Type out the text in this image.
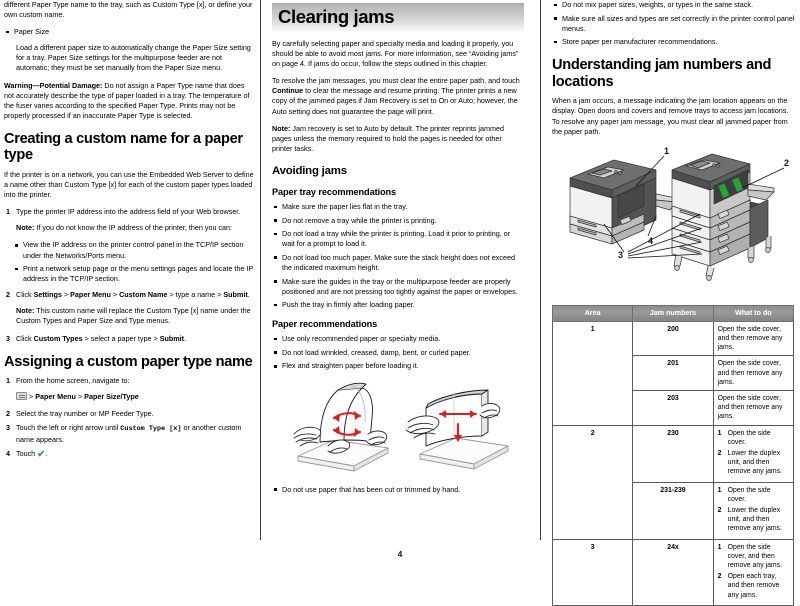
different Paper Type name to the tray, such as Custom Type [x], or define your own custom name.

Paper Size

Load a different paper size to automatically change the Paper Size setting for a tray. Paper Size settings for the multipurpose feeder are not automatic; they must be set manually from the Paper Size menu.

Warning—Potential Damage: Do not assign a Paper Type name that does not accurately describe the type of paper loaded in a tray. The temperature of the fuser varies according to the specified Paper Type. Prints may not be properly processed if an inaccurate Paper Type is selected.

Creating a custom name for a paper type

If the printer is on a network, you can use the Embedded Web Server to define a name other than Custom Type [x] for each of the custom paper types loaded into the printer.

1 Type the printer IP address into the address field of your Web browser.

Note: If you do not know the IP address of the printer, then you can:

View the IP address on the printer control panel in the TCP/IP section under the Networks/Ports menu.
Print a network setup page or the menu settings pages and locate the IP address in the TCP/IP section.
2 Click Settings > Paper Menu > Custom Name > type a name > Submit.

Note: This custom name will replace the Custom Type [x] name under the Custom Types and Paper Size and Type menus.

3 Click Custom Types > select a paper type > Submit.
Assigning a custom paper type name
1 From the home screen, navigate to:

> Paper Menu > Paper Size/Type

2 Select the tray number or MP Feeder Type.
3 Touch the left or right arrow until Custom Type [x] or another custom name appears.
4 Touch ✔.
Clearing jams

By carefully selecting paper and specialty media and loading it properly, you should be able to avoid most jams. For more information, see “Avoiding jams” on page 4. If jams do occur, follow the steps outlined in this chapter.

To resolve the jam messages, you must clear the entire paper path, and touch Continue to clear the message and resume printing. The printer prints a new copy of the jammed pages if Jam Recovery is set to On or Auto; however, the Auto setting does not guarantee the page will print.

Note: Jam recovery is set to Auto by default. The printer reprints jammed pages unless the memory required to hold the pages is needed for other printer tasks.

Avoiding jams
Paper tray recommendations
Make sure the paper lies flat in the tray.
Do not remove a tray while the printer is printing.
Do not load a tray while the printer is printing. Load it prior to printing, or wait for a prompt to load it.
Do not load too much paper. Make sure the stack height does not exceed the indicated maximum height.
Make sure the guides in the tray or the multipurpose feeder are properly positioned and are not pressing too tightly against the paper or envelopes.
Push the tray in firmly after loading paper.
Paper recommendations
Use only recommended paper or specialty media.
Do not load wrinkled, creased, damp, bent, or curled paper.
Flex and straighten paper before loading it.
Do not use paper that has been cut or trimmed by hand.
Do not mix paper sizes, weights, or types in the same stack.
Make sure all sizes and types are set correctly in the printer control panel menus.
Store paper per manufacturer recommendations.
Understanding jam numbers and locations

When a jam occurs, a message indicating the jam location appears on the display. Open doors and covers and remove trays to access jam locations. To resolve any paper jam message, you must clear all jammed paper from the paper path.

1
2
3
4
Area	Jam numbers	What to do
1	200	Open the side cover, and then remove any jams.
	201	Open the side cover, and then remove any jams.
	203	Open the side cover, and then remove any jams.
2	230	1 Open the side cover.
2 Lower the duplex unit, and then remove any jams.

	231-239	1 Open the side cover.
2 Lower the duplex unit, and then remove any jams.

3	24x	1 Open the side cover, and then remove any jams.
2 Open each tray, and then remove any jams.
4
